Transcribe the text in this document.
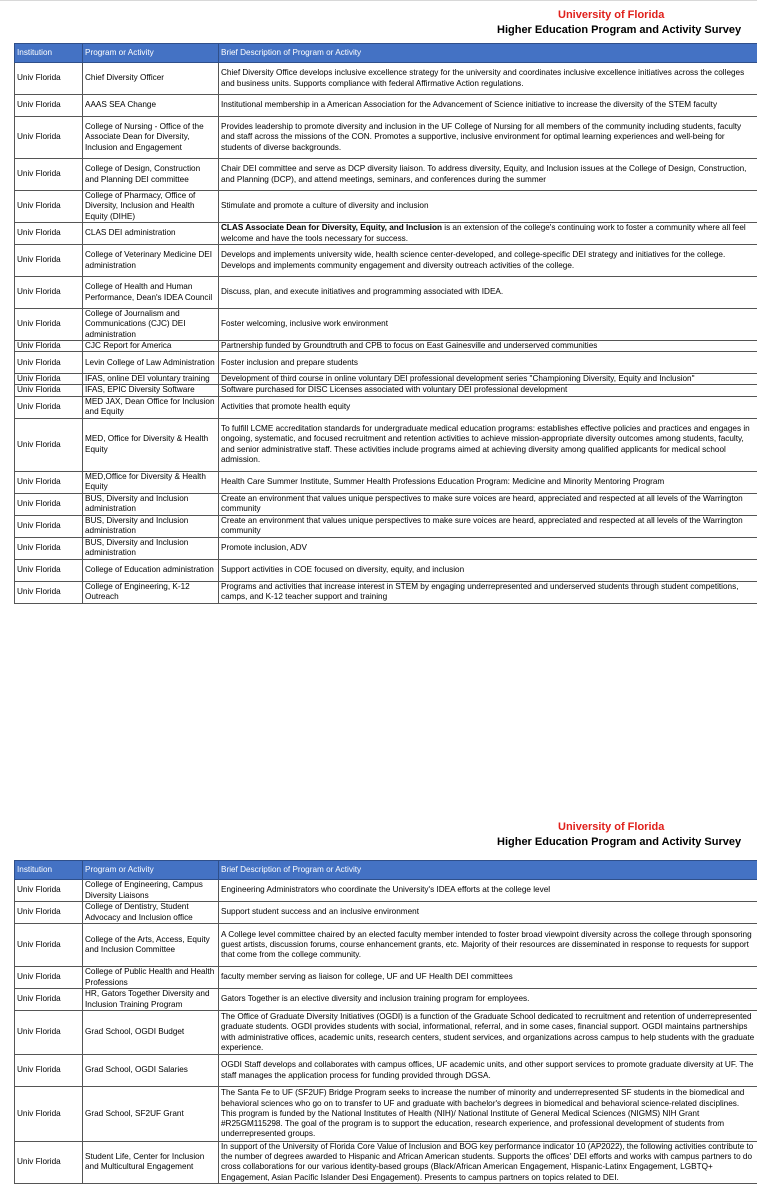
University of Florida
Higher Education Program and Activity Survey
Institution	Program or Activity	Brief Description of Program or Activity
Univ Florida	Chief Diversity Officer	Chief Diversity Office develops inclusive excellence strategy for the university and coordinates inclusive excellence initiatives across the colleges and business units. Supports compliance with federal Affirmative Action regulations.
Univ Florida	AAAS SEA Change	Institutional membership in a American Association for the Advancement of Science initiative to increase the diversity of the STEM faculty
Univ Florida	College of Nursing - Office of the Associate Dean for Diversity, Inclusion and Engagement	Provides leadership to promote diversity and inclusion in the UF College of Nursing for all members of the community including students, faculty and staff across the missions of the CON. Promotes a supportive, inclusive environment for optimal learning experiences and well-being for students of diverse backgrounds.
Univ Florida	College of Design, Construction and Planning DEI committee	Chair DEI committee and serve as DCP diversity liaison. To address diversity, Equity, and Inclusion issues at the College of Design, Construction, and Planning (DCP), and attend meetings, seminars, and conferences during the summer
Univ Florida	College of Pharmacy, Office of Diversity, Inclusion and Health Equity (DIHE)	Stimulate and promote a culture of diversity and inclusion
Univ Florida	CLAS DEI administration	CLAS Associate Dean for Diversity, Equity, and Inclusion is an extension of the college's continuing work to foster a community where all feel welcome and have the tools necessary for success.
Univ Florida	College of Veterinary Medicine DEI administration	Develops and implements university wide, health science center-developed, and college-specific DEI strategy and initiatives for the college. Develops and implements community engagement and diversity outreach activities of the college.
Univ Florida	College of Health and Human Performance, Dean's IDEA Council	Discuss, plan, and execute initiatives and programming associated with IDEA.
Univ Florida	College of Journalism and Communications (CJC) DEI administration	Foster welcoming, inclusive work environment
Univ Florida	CJC Report for America	Partnership funded by Groundtruth and CPB to focus on East Gainesville and underserved communities
Univ Florida	Levin College of Law Administration	Foster inclusion and prepare students
Univ Florida	IFAS, online DEI voluntary training	Development of third course in online voluntary DEI professional development series "Championing Diversity, Equity and Inclusion"
Univ Florida	IFAS, EPIC Diversity Software	Software purchased for DISC Licenses associated with voluntary DEI professional development
Univ Florida	MED JAX, Dean Office for Inclusion and Equity	Activities that promote health equity
Univ Florida	MED, Office for Diversity & Health Equity	To fulfill LCME accreditation standards for undergraduate medical education programs: establishes effective policies and practices and engages in ongoing, systematic, and focused recruitment and retention activities to achieve mission-appropriate diversity outcomes among students, faculty, and senior administrative staff. These activities include programs aimed at achieving diversity among qualified applicants for medical school admission.
Univ Florida	MED,Office for Diversity & Health Equity	Health Care Summer Institute, Summer Health Professions Education Program: Medicine and Minority Mentoring Program
Univ Florida	BUS, Diversity and Inclusion administration	Create an environment that values unique perspectives to make sure voices are heard, appreciated and respected at all levels of the Warrington community
Univ Florida	BUS, Diversity and Inclusion administration	Create an environment that values unique perspectives to make sure voices are heard, appreciated and respected at all levels of the Warrington community
Univ Florida	BUS, Diversity and Inclusion administration	Promote inclusion, ADV
Univ Florida	College of Education administration	Support activities in COE focused on diversity, equity, and inclusion
Univ Florida	College of Engineering, K-12 Outreach	Programs and activities that increase interest in STEM by engaging underrepresented and underserved students through student competitions, camps, and K-12 teacher support and training
University of Florida
Higher Education Program and Activity Survey
Institution	Program or Activity	Brief Description of Program or Activity
Univ Florida	College of Engineering, Campus Diversity Liaisons	Engineering Administrators who coordinate the University's IDEA efforts at the college level
Univ Florida	College of Dentistry, Student Advocacy and Inclusion office	Support student success and an inclusive environment
Univ Florida	College of the Arts, Access, Equity and Inclusion Committee	A College level committee chaired by an elected faculty member intended to foster broad viewpoint diversity across the college through sponsoring guest artists, discussion forums, course enhancement grants, etc. Majority of their resources are disseminated in response to requests for support that come from the college community.
Univ Florida	College of Public Health and Health Professions	faculty member serving as liaison for college, UF and UF Health DEI committees
Univ Florida	HR, Gators Together Diversity and Inclusion Training Program	Gators Together is an elective diversity and inclusion training program for employees.
Univ Florida	Grad School, OGDI Budget	The Office of Graduate Diversity Initiatives (OGDI) is a function of the Graduate School dedicated to recruitment and retention of underrepresented graduate students. OGDI provides students with social, informational, referral, and in some cases, financial support. OGDI maintains partnerships with administrative offices, academic units, research centers, student services, and organizations across campus to help students with the graduate experience.
Univ Florida	Grad School, OGDI Salaries	OGDI Staff develops and collaborates with campus offices, UF academic units, and other support services to promote graduate diversity at UF. The staff manages the application process for funding provided through DGSA.
Univ Florida	Grad School, SF2UF Grant	The Santa Fe to UF (SF2UF) Bridge Program seeks to increase the number of minority and underrepresented SF students in the biomedical and behavioral sciences who go on to transfer to UF and graduate with bachelor's degrees in biomedical and behavioral science-related disciplines. This program is funded by the National Institutes of Health (NIH)/ National Institute of General Medical Sciences (NIGMS) NIH Grant #R25GM115298. The goal of the program is to support the education, research experience, and professional development of students from underrepresented groups.
Univ Florida	Student Life, Center for Inclusion and Multicultural Engagement	In support of the University of Florida Core Value of Inclusion and BOG key performance indicator 10 (AP2022), the following activities contribute to the number of degrees awarded to Hispanic and African American students. Supports the offices' DEI efforts and works with campus partners to do cross collaborations for our various identity-based groups (Black/African American Engagement, Hispanic-Latinx Engagement, LGBTQ+ Engagement, Asian Pacific Islander Desi Engagement). Presents to campus partners on topics related to DEI.
